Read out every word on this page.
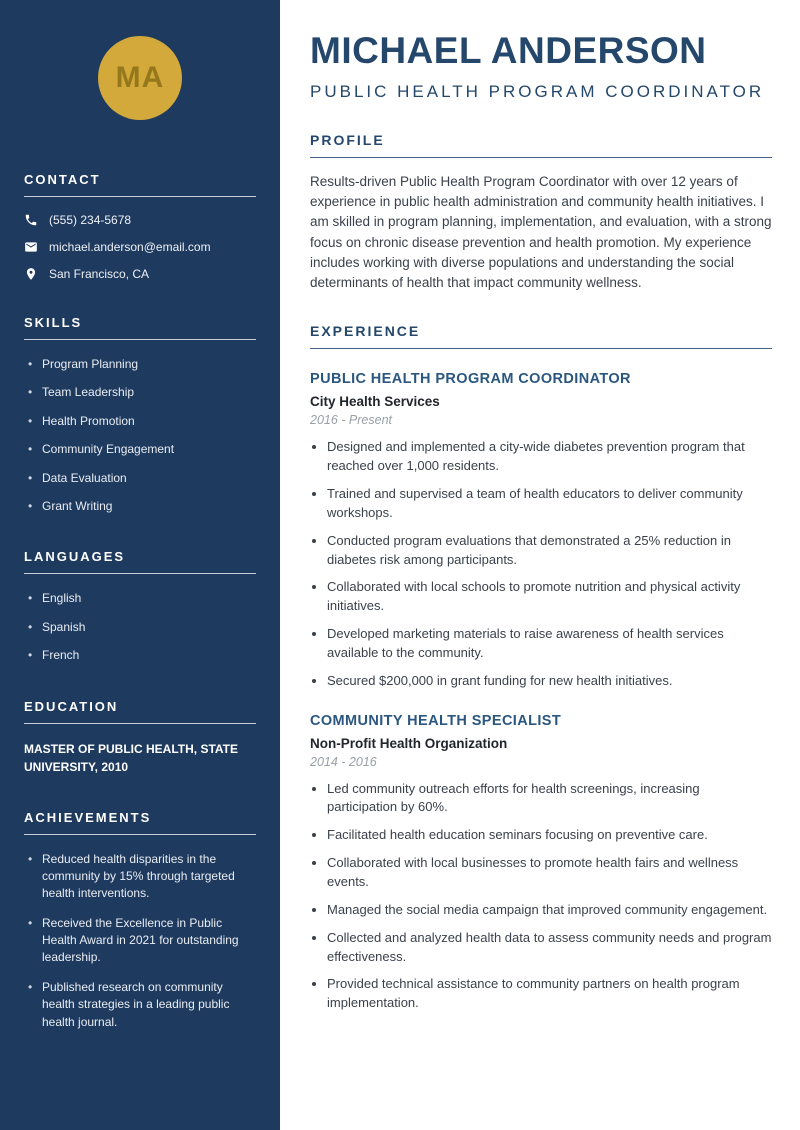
MA
CONTACT
(555) 234-5678
michael.anderson@email.com
San Francisco, CA
SKILLS
• Program Planning
• Team Leadership
• Health Promotion
• Community Engagement
• Data Evaluation
• Grant Writing
LANGUAGES
• English
• Spanish
• French
EDUCATION
MASTER OF PUBLIC HEALTH, STATE UNIVERSITY, 2010
ACHIEVEMENTS
• Reduced health disparities in the community by 15% through targeted health interventions.
• Received the Excellence in Public Health Award in 2021 for outstanding leadership.
• Published research on community health strategies in a leading public health journal.
MICHAEL ANDERSON
PUBLIC HEALTH PROGRAM COORDINATOR
PROFILE

Results-driven Public Health Program Coordinator with over 12 years of experience in public health administration and community health initiatives. I am skilled in program planning, implementation, and evaluation, with a strong focus on chronic disease prevention and health promotion. My experience includes working with diverse populations and understanding the social determinants of health that impact community wellness.

EXPERIENCE
PUBLIC HEALTH PROGRAM COORDINATOR
City Health Services
2016 - Present
• Designed and implemented a city-wide diabetes prevention program that reached over 1,000 residents.
• Trained and supervised a team of health educators to deliver community workshops.
• Conducted program evaluations that demonstrated a 25% reduction in diabetes risk among participants.
• Collaborated with local schools to promote nutrition and physical activity initiatives.
• Developed marketing materials to raise awareness of health services available to the community.
• Secured $200,000 in grant funding for new health initiatives.
COMMUNITY HEALTH SPECIALIST
Non-Profit Health Organization
2014 - 2016
• Led community outreach efforts for health screenings, increasing participation by 60%.
• Facilitated health education seminars focusing on preventive care.
• Collaborated with local businesses to promote health fairs and wellness events.
• Managed the social media campaign that improved community engagement.
• Collected and analyzed health data to assess community needs and program effectiveness.
• Provided technical assistance to community partners on health program implementation.
